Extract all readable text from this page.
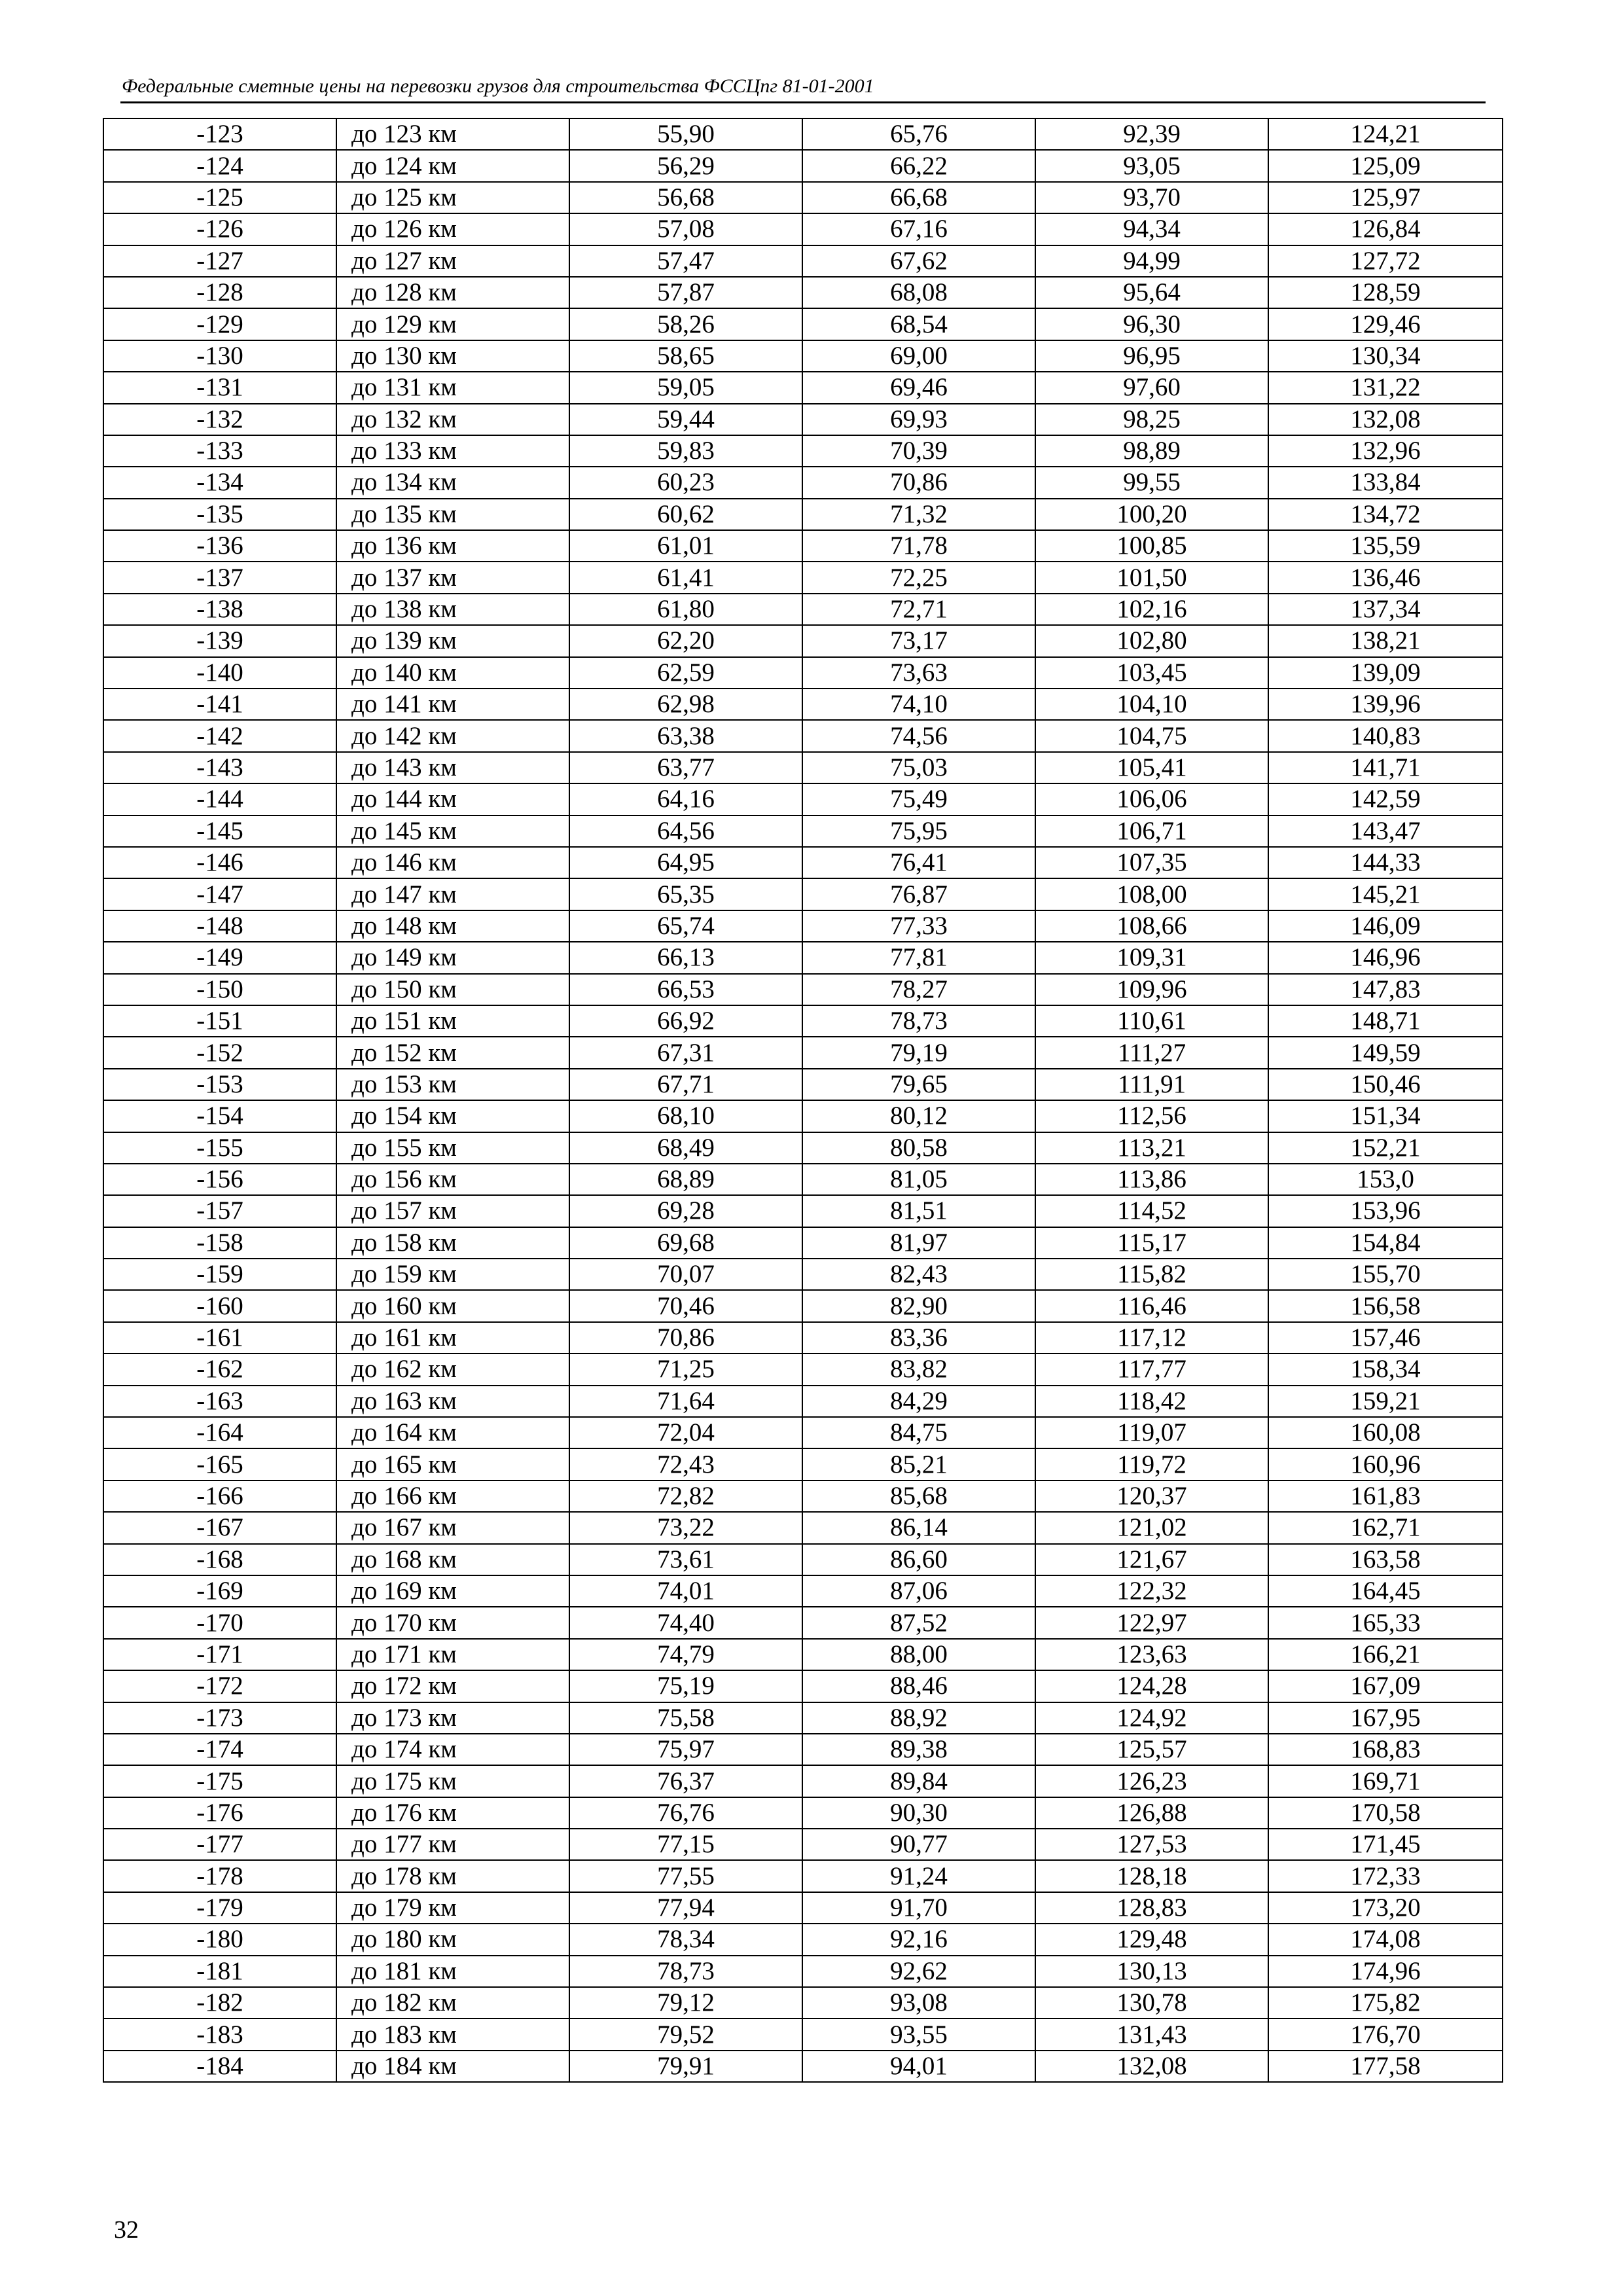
Федеральные сметные цены на перевозки грузов для строительства ФССЦпг 81-01-2001
-123	до 123 км	55,90	65,76	92,39	124,21
-124	до 124 км	56,29	66,22	93,05	125,09
-125	до 125 км	56,68	66,68	93,70	125,97
-126	до 126 км	57,08	67,16	94,34	126,84
-127	до 127 км	57,47	67,62	94,99	127,72
-128	до 128 км	57,87	68,08	95,64	128,59
-129	до 129 км	58,26	68,54	96,30	129,46
-130	до 130 км	58,65	69,00	96,95	130,34
-131	до 131 км	59,05	69,46	97,60	131,22
-132	до 132 км	59,44	69,93	98,25	132,08
-133	до 133 км	59,83	70,39	98,89	132,96
-134	до 134 км	60,23	70,86	99,55	133,84
-135	до 135 км	60,62	71,32	100,20	134,72
-136	до 136 км	61,01	71,78	100,85	135,59
-137	до 137 км	61,41	72,25	101,50	136,46
-138	до 138 км	61,80	72,71	102,16	137,34
-139	до 139 км	62,20	73,17	102,80	138,21
-140	до 140 км	62,59	73,63	103,45	139,09
-141	до 141 км	62,98	74,10	104,10	139,96
-142	до 142 км	63,38	74,56	104,75	140,83
-143	до 143 км	63,77	75,03	105,41	141,71
-144	до 144 км	64,16	75,49	106,06	142,59
-145	до 145 км	64,56	75,95	106,71	143,47
-146	до 146 км	64,95	76,41	107,35	144,33
-147	до 147 км	65,35	76,87	108,00	145,21
-148	до 148 км	65,74	77,33	108,66	146,09
-149	до 149 км	66,13	77,81	109,31	146,96
-150	до 150 км	66,53	78,27	109,96	147,83
-151	до 151 км	66,92	78,73	110,61	148,71
-152	до 152 км	67,31	79,19	111,27	149,59
-153	до 153 км	67,71	79,65	111,91	150,46
-154	до 154 км	68,10	80,12	112,56	151,34
-155	до 155 км	68,49	80,58	113,21	152,21
-156	до 156 км	68,89	81,05	113,86	153,0
-157	до 157 км	69,28	81,51	114,52	153,96
-158	до 158 км	69,68	81,97	115,17	154,84
-159	до 159 км	70,07	82,43	115,82	155,70
-160	до 160 км	70,46	82,90	116,46	156,58
-161	до 161 км	70,86	83,36	117,12	157,46
-162	до 162 км	71,25	83,82	117,77	158,34
-163	до 163 км	71,64	84,29	118,42	159,21
-164	до 164 км	72,04	84,75	119,07	160,08
-165	до 165 км	72,43	85,21	119,72	160,96
-166	до 166 км	72,82	85,68	120,37	161,83
-167	до 167 км	73,22	86,14	121,02	162,71
-168	до 168 км	73,61	86,60	121,67	163,58
-169	до 169 км	74,01	87,06	122,32	164,45
-170	до 170 км	74,40	87,52	122,97	165,33
-171	до 171 км	74,79	88,00	123,63	166,21
-172	до 172 км	75,19	88,46	124,28	167,09
-173	до 173 км	75,58	88,92	124,92	167,95
-174	до 174 км	75,97	89,38	125,57	168,83
-175	до 175 км	76,37	89,84	126,23	169,71
-176	до 176 км	76,76	90,30	126,88	170,58
-177	до 177 км	77,15	90,77	127,53	171,45
-178	до 178 км	77,55	91,24	128,18	172,33
-179	до 179 км	77,94	91,70	128,83	173,20
-180	до 180 км	78,34	92,16	129,48	174,08
-181	до 181 км	78,73	92,62	130,13	174,96
-182	до 182 км	79,12	93,08	130,78	175,82
-183	до 183 км	79,52	93,55	131,43	176,70
-184	до 184 км	79,91	94,01	132,08	177,58
32
